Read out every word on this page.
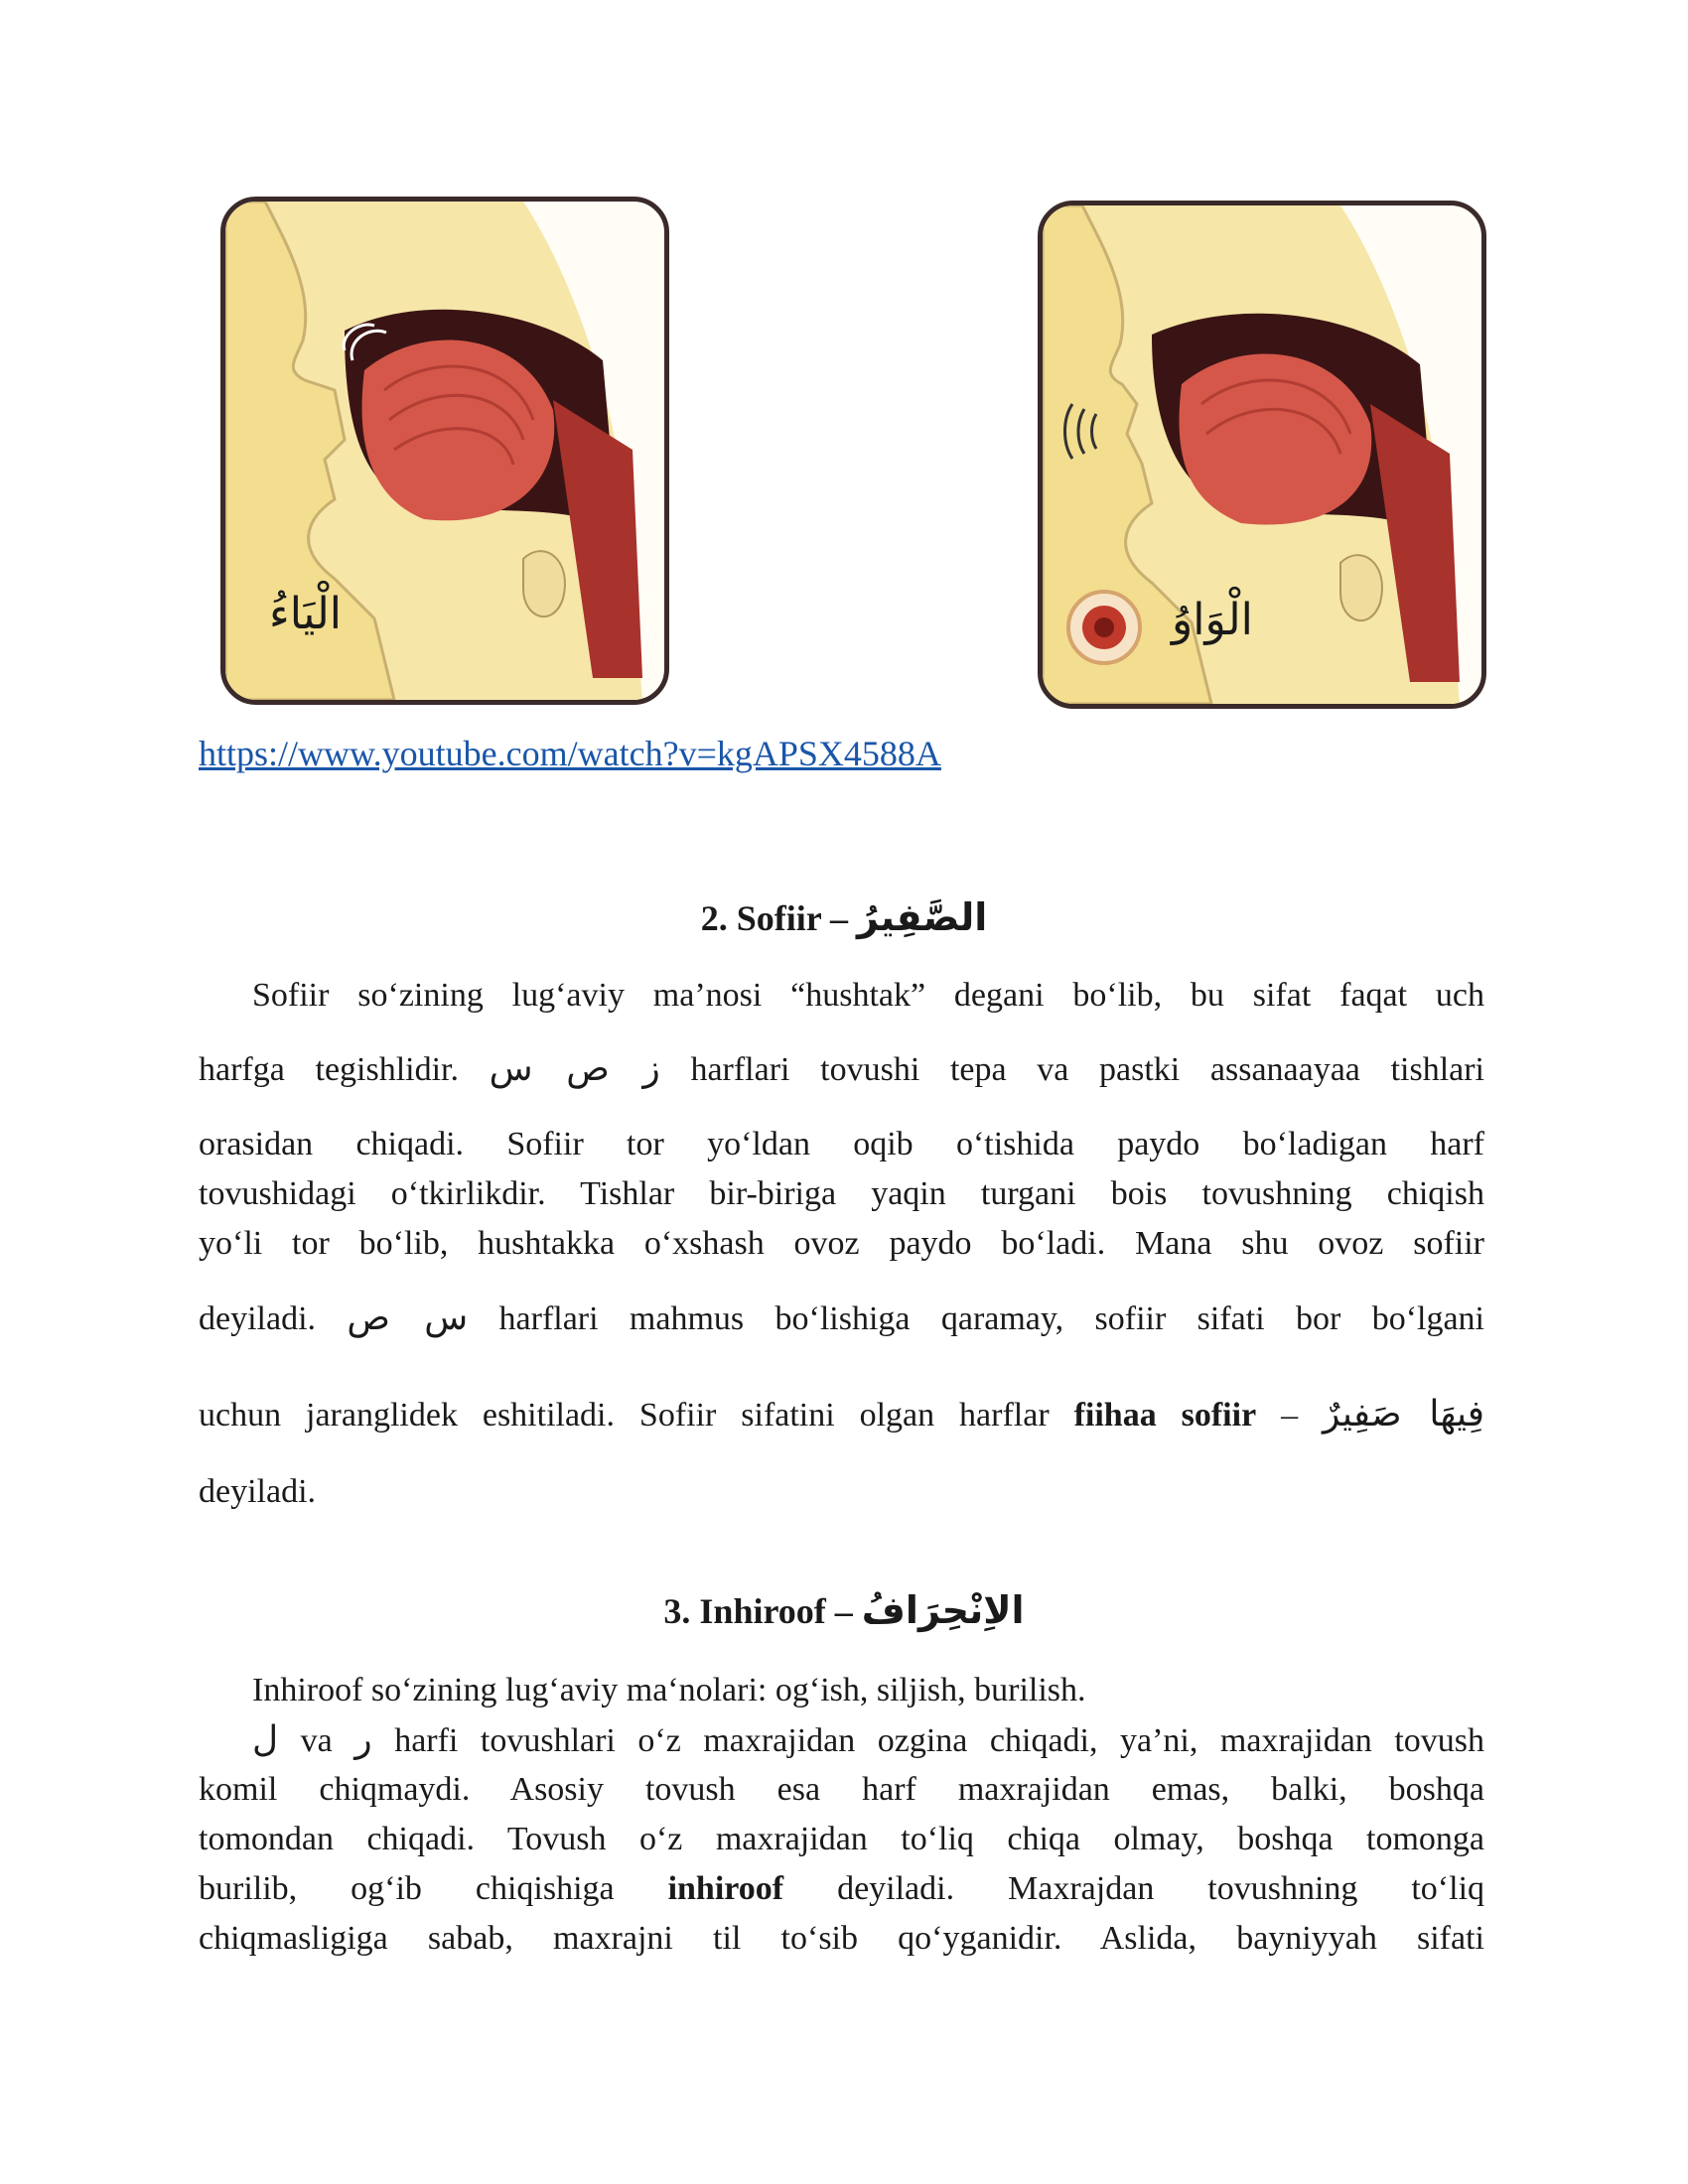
الْيَاءُ	الْوَاوُ
https://www.youtube.com/watch?v=kgAPSX4588A
2. Sofiir – الصَّفِيرُ
Sofiir so‘zining lug‘aviy ma’nosi “hushtak” degani bo‘lib, bu sifat faqat uch
harfga tegishlidir. ز ص س harflari tovushi tepa va pastki assanaayaa tishlari
orasidan chiqadi. Sofiir tor yo‘ldan oqib o‘tishida paydo bo‘ladigan harf
tovushidagi o‘tkirlikdir. Tishlar bir-biriga yaqin turgani bois tovushning chiqish
yo‘li tor bo‘lib, hushtakka o‘xshash ovoz paydo bo‘ladi. Mana shu ovoz sofiir
deyiladi. س ص harflari mahmus bo‘lishiga qaramay, sofiir sifati bor bo‘lgani
uchun jaranglidek eshitiladi. Sofiir sifatini olgan harflar fiihaa sofiir – فِيهَا صَفِيرٌ
deyiladi.
3. Inhiroof – الاِنْحِرَافُ
Inhiroof so‘zining lug‘aviy ma‘nolari: og‘ish, siljish, burilish.
ل va ر harfi tovushlari o‘z maxrajidan ozgina chiqadi, ya’ni, maxrajidan tovush
komil chiqmaydi. Asosiy tovush esa harf maxrajidan emas, balki, boshqa
tomondan chiqadi. Tovush o‘z maxrajidan to‘liq chiqa olmay, boshqa tomonga
burilib, og‘ib chiqishiga inhiroof deyiladi. Maxrajdan tovushning to‘liq
chiqmasligiga sabab, maxrajni til to‘sib qo‘yganidir. Aslida, bayniyyah sifati
